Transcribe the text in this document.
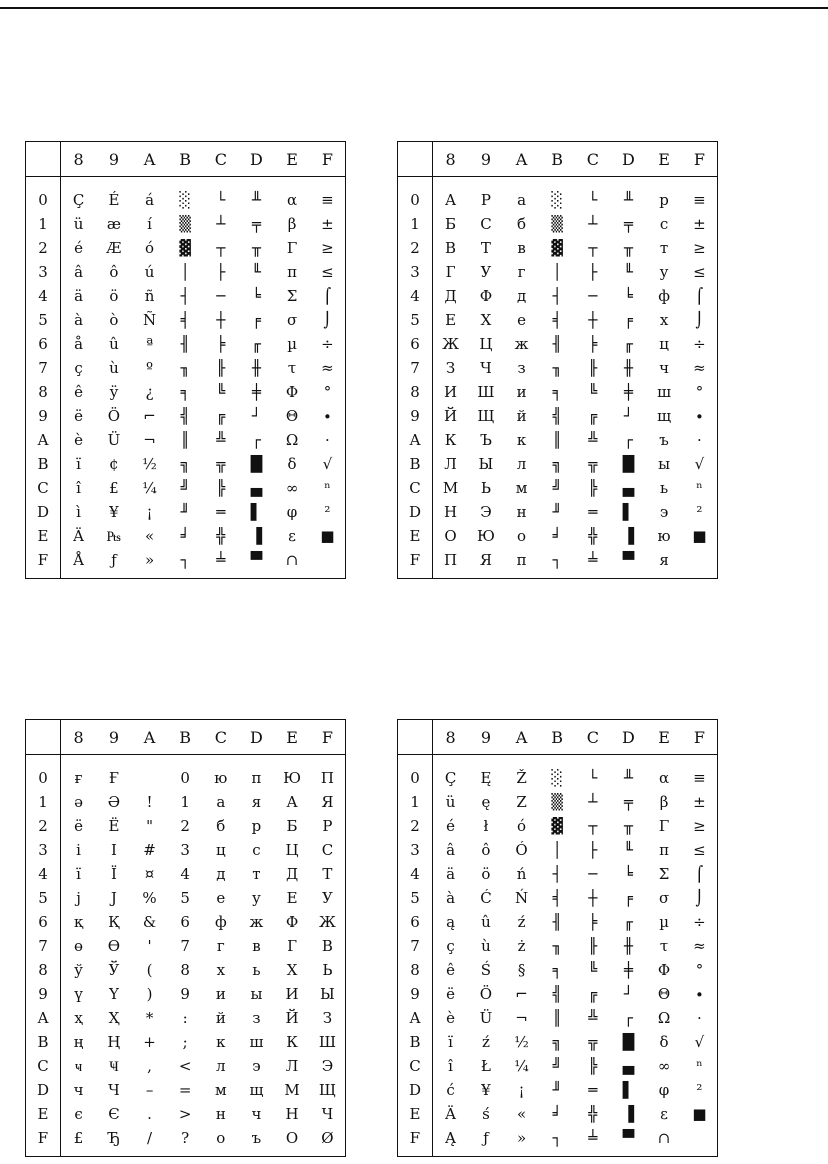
	8	9	A	B	C	D	E	F
0	Ç	É	á	░	└	╨	α	≡
1	ü	æ	í	▒	┴	╤	β	±
2	é	Æ	ó	▓	┬	╥	Γ	≥
3	â	ô	ú	│	├	╙	π	≤
4	ä	ö	ñ	┤	─	╘	Σ	⌠
5	à	ò	Ñ	╡	┼	╒	σ	⌡
6	å	û	ª	╢	╞	╓	µ	÷
7	ç	ù	º	╖	╟	╫	τ	≈
8	ê	ÿ	¿	╕	╚	╪	Φ	°
9	ë	Ö	⌐	╣	╔	┘	Θ	∙
A	è	Ü	¬	║	╩	┌	Ω	·
B	ï	¢	½	╗	╦	█	δ	√
C	î	£	¼	╝	╠	▄	∞	ⁿ
D	ì	¥	¡	╜	═	▌	φ	²
E	Ä	₧	«	╛	╬	▐	ε	■
F	Å	ƒ	»	┐	╧	▀	∩	
	8	9	A	B	C	D	E	F
0	А	Р	а	░	└	╨	р	≡
1	Б	С	б	▒	┴	╤	с	±
2	В	Т	в	▓	┬	╥	т	≥
3	Г	У	г	│	├	╙	у	≤
4	Д	Ф	д	┤	─	╘	ф	⌠
5	Е	Х	е	╡	┼	╒	х	⌡
6	Ж	Ц	ж	╢	╞	╓	ц	÷
7	З	Ч	з	╖	╟	╫	ч	≈
8	И	Ш	и	╕	╚	╪	ш	°
9	Й	Щ	й	╣	╔	┘	щ	∙
A	К	Ъ	к	║	╩	┌	ъ	·
B	Л	Ы	л	╗	╦	█	ы	√
C	М	Ь	м	╝	╠	▄	ь	ⁿ
D	Н	Э	н	╜	═	▌	э	²
E	О	Ю	о	╛	╬	▐	ю	■
F	П	Я	п	┐	╧	▀	я	
	8	9	A	B	C	D	E	F
0	ғ	Ғ		0	ю	п	Ю	П
1	ә	Ә	!	1	а	я	А	Я
2	ё	Ё	"	2	б	р	Б	Р
3	і	І	#	3	ц	с	Ц	С
4	ї	Ї	¤	4	д	т	Д	Т
5	ј	Ј	%	5	е	у	Е	У
6	қ	Қ	&	6	ф	ж	Ф	Ж
7	ө	Ө	'	7	г	в	Г	В
8	ў	Ў	(	8	х	ь	Х	Ь
9	ү	Ү	)	9	и	ы	И	Ы
A	ҳ	Ҳ	*	:	й	з	Й	З
B	ң	Ң	+	;	к	ш	К	Ш
C	ҹ	Ҹ	,	<	л	э	Л	Э
D	ч	Ч	–	=	м	щ	М	Щ
E	є	Є	.	>	н	ч	Н	Ч
F	£	Ђ	/	?	о	ъ	О	Ø
	8	9	A	B	C	D	E	F
0	Ç	Ę	Ž	░	└	╨	α	≡
1	ü	ę	Z	▒	┴	╤	β	±
2	é	ł	ó	▓	┬	╥	Γ	≥
3	â	ô	Ó	│	├	╙	π	≤
4	ä	ö	ń	┤	─	╘	Σ	⌠
5	à	Ć	Ń	╡	┼	╒	σ	⌡
6	ą	û	ź	╢	╞	╓	µ	÷
7	ç	ù	ż	╖	╟	╫	τ	≈
8	ê	Ś	§	╕	╚	╪	Φ	°
9	ë	Ö	⌐	╣	╔	┘	Θ	∙
A	è	Ü	¬	║	╩	┌	Ω	·
B	ï	ź	½	╗	╦	█	δ	√
C	î	Ł	¼	╝	╠	▄	∞	ⁿ
D	ć	¥	¡	╜	═	▌	φ	²
E	Ä	ś	«	╛	╬	▐	ε	■
F	Ą	ƒ	»	┐	╧	▀	∩	
